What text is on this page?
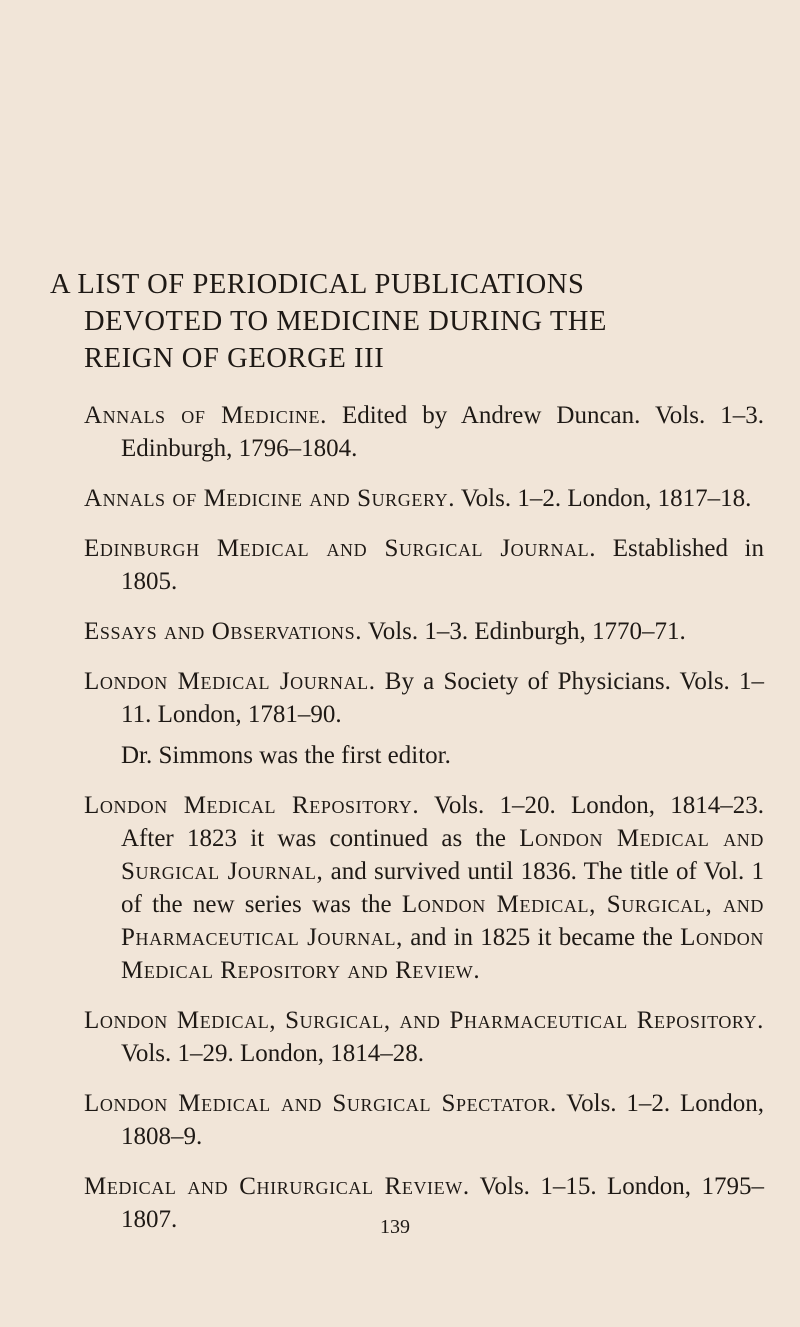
A LIST OF PERIODICAL PUBLICATIONS
DEVOTED TO MEDICINE DURING THE
REIGN OF GEORGE III

Annals of Medicine. Edited by Andrew Duncan. Vols. 1–3. Edinburgh, 1796–1804.

Annals of Medicine and Surgery. Vols. 1–2. London, 1817–18.

Edinburgh Medical and Surgical Journal. Established in 1805.

Essays and Observations. Vols. 1–3. Edinburgh, 1770–71.

London Medical Journal. By a Society of Physicians. Vols. 1–11. London, 1781–90.

Dr. Simmons was the first editor.

London Medical Repository. Vols. 1–20. London, 1814–23. After 1823 it was continued as the London Medical and Surgical Journal, and survived until 1836. The title of Vol. 1 of the new series was the London Medical, Surgical, and Pharmaceutical Journal, and in 1825 it became the London Medical Repository and Review.

London Medical, Surgical, and Pharmaceutical Repository. Vols. 1–29. London, 1814–28.

London Medical and Surgical Spectator. Vols. 1–2. London, 1808–9.

Medical and Chirurgical Review. Vols. 1–15. London, 1795–1807.	139
